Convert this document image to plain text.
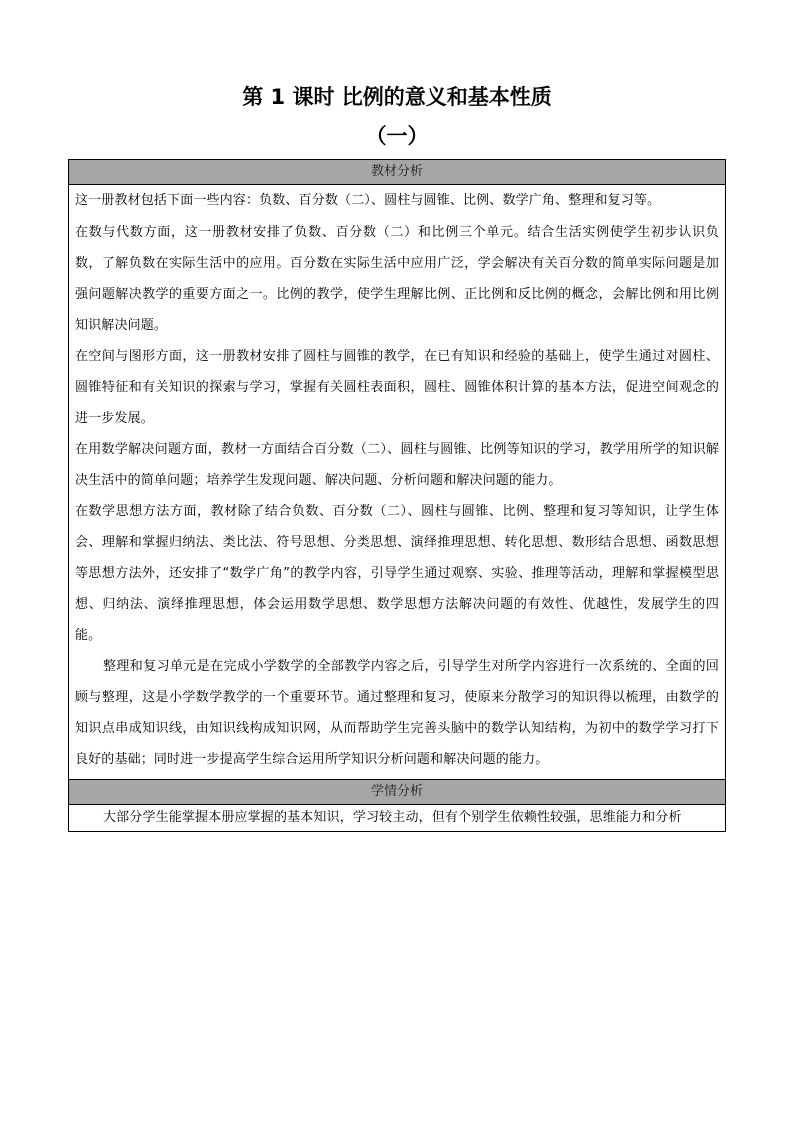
第 1 课时 比例的意义和基本性质
（一）
教材分析

这一册教材包括下面一些内容：负数、百分数（二）、圆柱与圆锥、比例、数学广角、整理和复习等。

在数与代数方面，这一册教材安排了负数、百分数（二）和比例三个单元。结合生活实例使学生初步认识负数，了解负数在实际生活中的应用。百分数在实际生活中应用广泛，学会解决有关百分数的简单实际问题是加强问题解决教学的重要方面之一。比例的教学，使学生理解比例、正比例和反比例的概念，会解比例和用比例知识解决问题。

在空间与图形方面，这一册教材安排了圆柱与圆锥的教学，在已有知识和经验的基础上，使学生通过对圆柱、圆锥特征和有关知识的探索与学习，掌握有关圆柱表面积，圆柱、圆锥体积计算的基本方法，促进空间观念的进一步发展。

在用数学解决问题方面，教材一方面结合百分数（二）、圆柱与圆锥、比例等知识的学习，教学用所学的知识解决生活中的简单问题；培养学生发现问题、解决问题、分析问题和解决问题的能力。

在数学思想方法方面，教材除了结合负数、百分数（二）、圆柱与圆锥、比例、整理和复习等知识，让学生体会、理解和掌握归纳法、类比法、符号思想、分类思想、演绎推理思想、转化思想、数形结合思想、函数思想等思想方法外，还安排了“数学广角”的教学内容，引导学生通过观察、实验、推理等活动，理解和掌握模型思想、归纳法、演绎推理思想，体会运用数学思想、数学思想方法解决问题的有效性、优越性，发展学生的四能。

整理和复习单元是在完成小学数学的全部教学内容之后，引导学生对所学内容进行一次系统的、全面的回顾与整理，这是小学数学教学的一个重要环节。通过整理和复习，使原来分散学习的知识得以梳理，由数学的知识点串成知识线，由知识线构成知识网，从而帮助学生完善头脑中的数学认知结构，为初中的数学学习打下良好的基础；同时进一步提高学生综合运用所学知识分析问题和解决问题的能力。

学情分析

大部分学生能掌握本册应掌握的基本知识，学习较主动，但有个别学生依赖性较强，思维能力和分析
